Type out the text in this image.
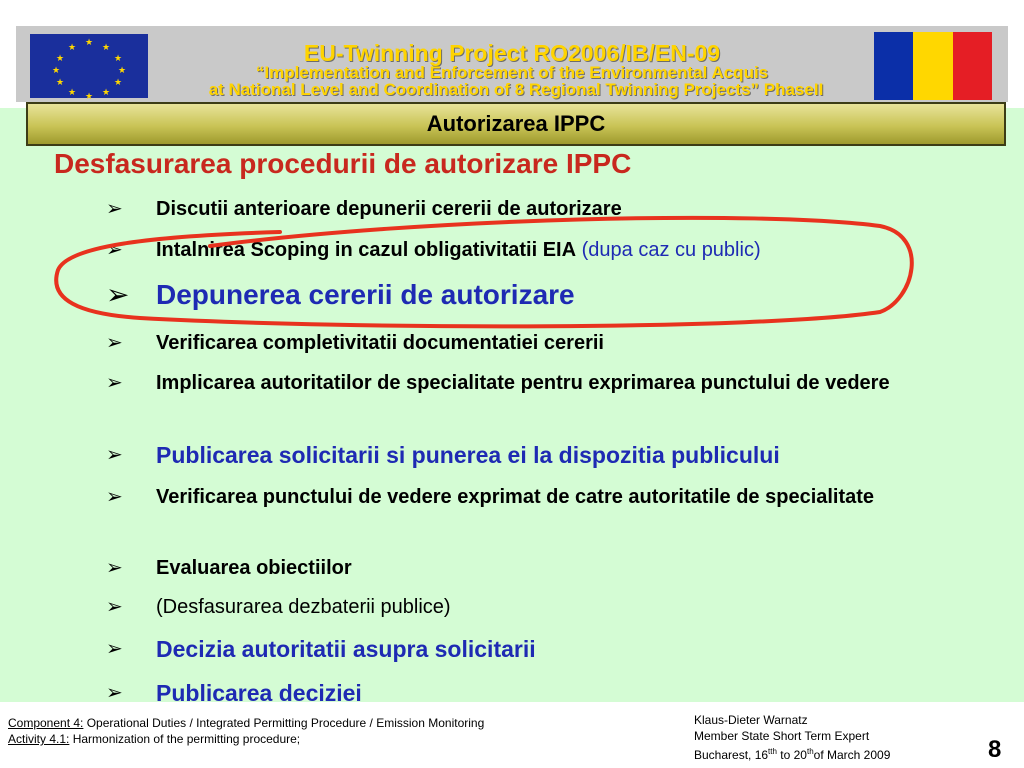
★ ★
★
★
★
★
★
★
★
★
★
★	EU-Twinning Project RO2006/IB/EN-09
“Implementation and Enforcement of the Environmental Acquis
at National Level and Coordination of 8 Regional Twinning Projects” PhaseII
Autorizarea IPPC
Desfasurarea procedurii de autorizare IPPC
➢	Discutii anterioare depunerii cererii de autorizare
➢	Intalnirea Scoping in cazul obligativitatii EIA (dupa caz cu public)
➢ Depunerea cererii de autorizare
➢	Verificarea completivitatii documentatiei cererii
➢	Implicarea autoritatilor de specialitate pentru exprimarea punctului de vedere
➢	Publicarea solicitarii si punerea ei la dispozitia publicului
➢	Verificarea punctului de vedere exprimat de catre autoritatile de specialitate
➢	Evaluarea obiectiilor
➢	(Desfasurarea dezbaterii publice)
➢	Decizia autoritatii asupra solicitarii
➢	Publicarea deciziei
Component 4: Operational Duties / Integrated Permitting Procedure / Emission Monitoring
Activity 4.1: Harmonization of the permitting procedure;
Klaus-Dieter Warnatz
Member State Short Term Expert
Bucharest, $16^{tth}$ to 20thof March 2009	8
